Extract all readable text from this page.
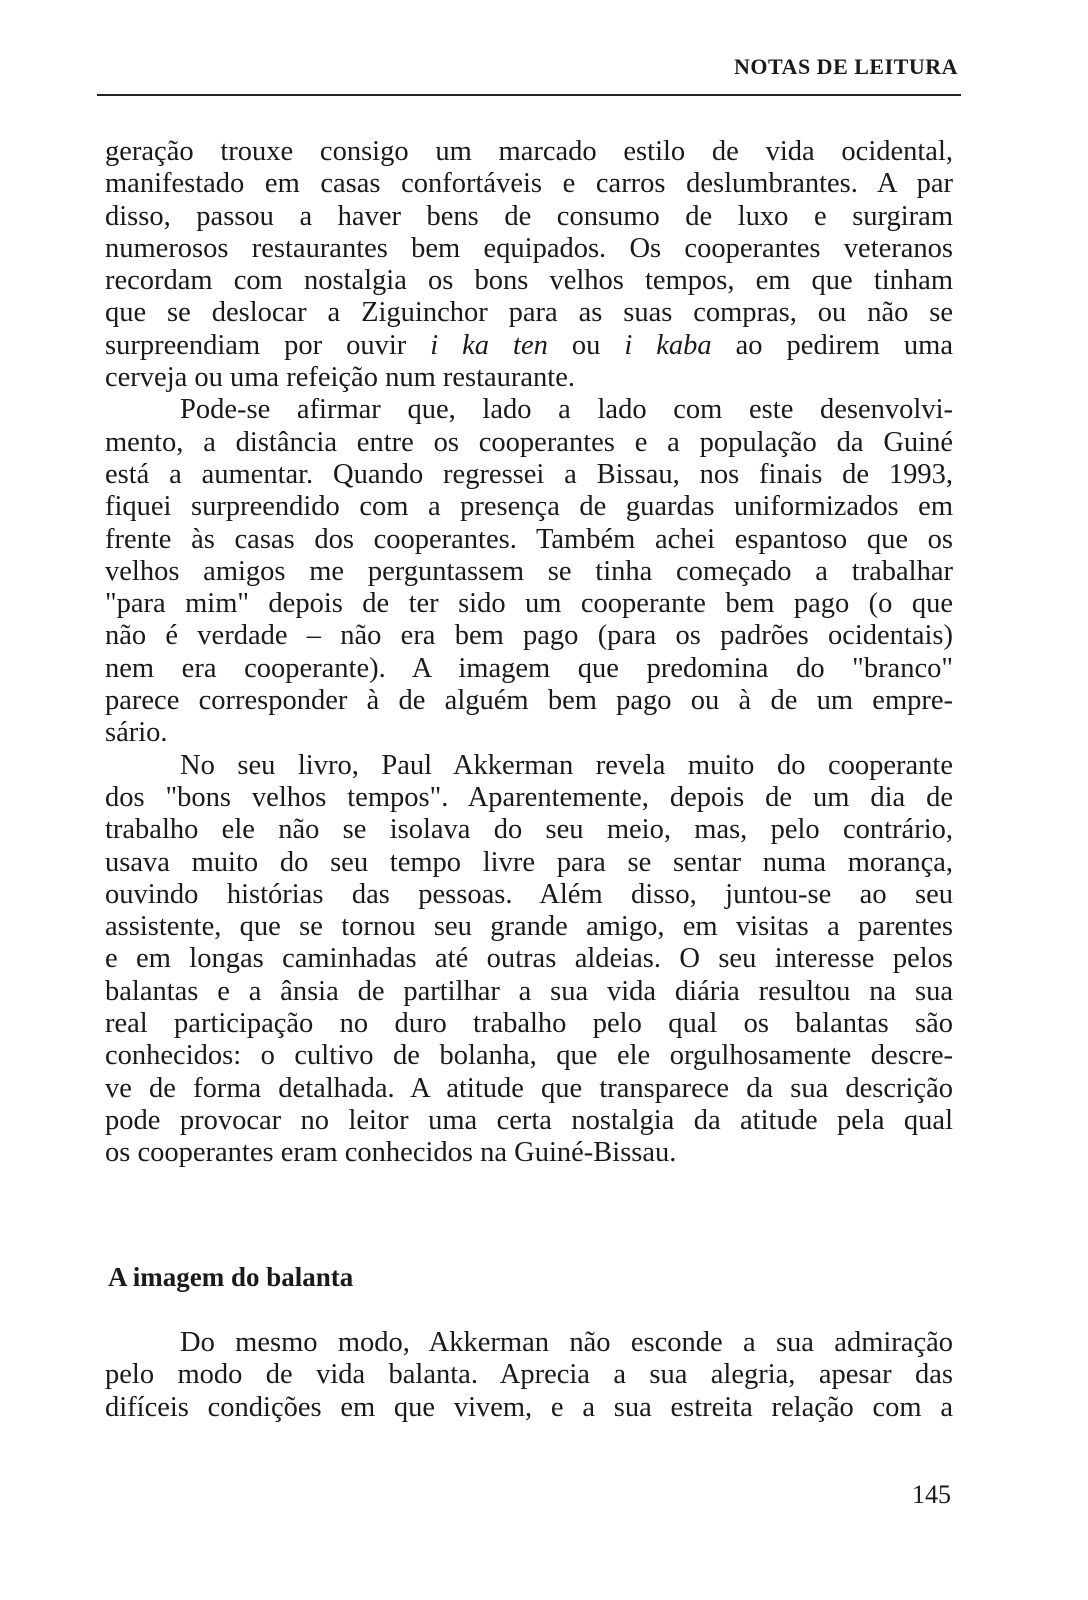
NOTAS DE LEITURA
geração trouxe consigo um marcado estilo de vida ocidental,
manifestado em casas confortáveis e carros deslumbrantes. A par
disso, passou a haver bens de consumo de luxo e surgiram
numerosos restaurantes bem equipados. Os cooperantes veteranos
recordam com nostalgia os bons velhos tempos, em que tinham
que se deslocar a Ziguinchor para as suas compras, ou não se
surpreendiam por ouvir i ka ten ou i kaba ao pedirem uma
cerveja ou uma refeição num restaurante.
Pode-se afirmar que, lado a lado com este desenvolvi-
mento, a distância entre os cooperantes e a população da Guiné
está a aumentar. Quando regressei a Bissau, nos finais de 1993,
fiquei surpreendido com a presença de guardas uniformizados em
frente às casas dos cooperantes. Também achei espantoso que os
velhos amigos me perguntassem se tinha começado a trabalhar
"para mim" depois de ter sido um cooperante bem pago (o que
não é verdade – não era bem pago (para os padrões ocidentais)
nem era cooperante). A imagem que predomina do "branco"
parece corresponder à de alguém bem pago ou à de um empre-
sário.
No seu livro, Paul Akkerman revela muito do cooperante
dos "bons velhos tempos". Aparentemente, depois de um dia de
trabalho ele não se isolava do seu meio, mas, pelo contrário,
usava muito do seu tempo livre para se sentar numa morança,
ouvindo histórias das pessoas. Além disso, juntou-se ao seu
assistente, que se tornou seu grande amigo, em visitas a parentes
e em longas caminhadas até outras aldeias. O seu interesse pelos
balantas e a ânsia de partilhar a sua vida diária resultou na sua
real participação no duro trabalho pelo qual os balantas são
conhecidos: o cultivo de bolanha, que ele orgulhosamente descre-
ve de forma detalhada. A atitude que transparece da sua descrição
pode provocar no leitor uma certa nostalgia da atitude pela qual
os cooperantes eram conhecidos na Guiné-Bissau.
A imagem do balanta
Do mesmo modo, Akkerman não esconde a sua admiração
pelo modo de vida balanta. Aprecia a sua alegria, apesar das
difíceis condições em que vivem, e a sua estreita relação com a
145
